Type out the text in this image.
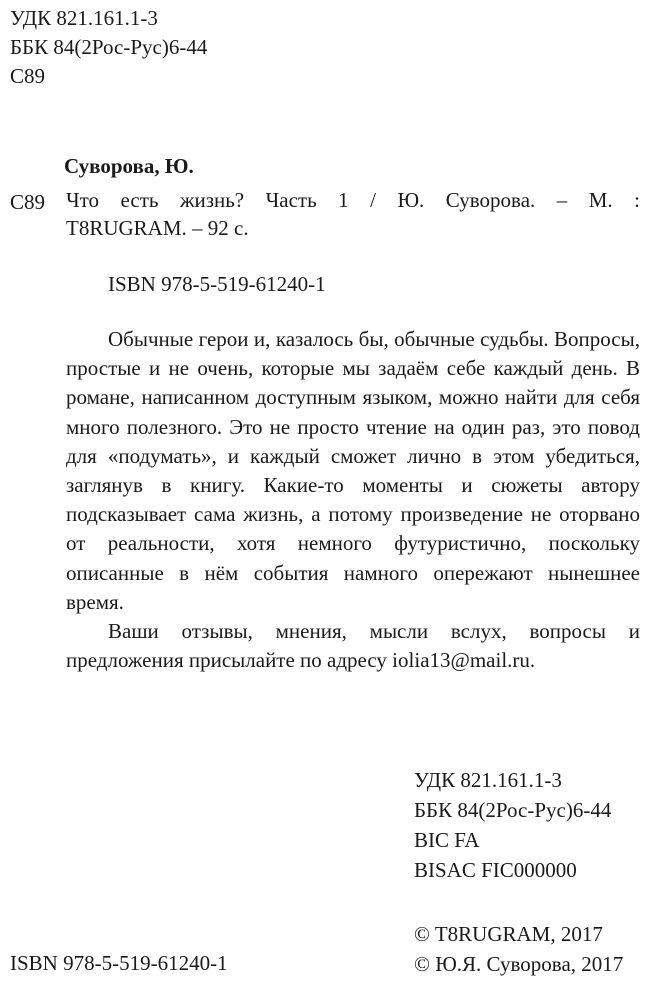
УДК 821.161.1-3
ББК 84(2Рос-Рус)6-44
С89
Суворова, Ю.
С89 Что есть жизнь? Часть 1 / Ю. Суворова. – М. :
T8RUGRAM. – 92 с.
ISBN 978-5-519-61240-1

Обычные герои и, казалось бы, обычные судьбы. Вопросы, простые и не очень, которые мы задаём себе каждый день. В романе, написанном доступным языком, можно найти для себя много полезного. Это не просто чтение на один раз, это повод для «подумать», и каждый сможет лично в этом убедиться, заглянув в книгу. Какие-то моменты и сюжеты автору подсказывает сама жизнь, а потому произведение не оторвано от реальности, хотя немного футуристично, поскольку описанные в нём события намного опережают нынешнее время.

Ваши отзывы, мнения, мысли вслух, вопросы и предложения присылайте по адресу iolia13@mail.ru.

УДК 821.161.1-3
ББК 84(2Рос-Рус)6-44
BIC FA
BISAC FIC000000
© T8RUGRAM, 2017
© Ю.Я. Суворова, 2017
ISBN 978-5-519-61240-1
